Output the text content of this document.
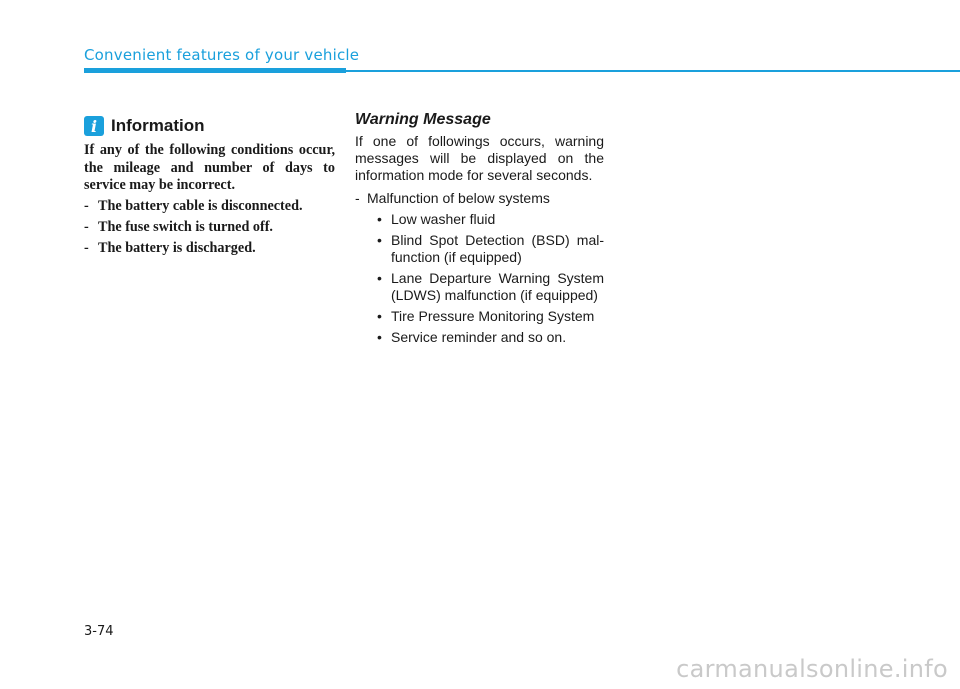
Convenient features of your vehicle
i Information
If any of the following conditions occur, the mileage and number of days to service may be incorrect.
- The battery cable is disconnected.
- The fuse switch is turned off.
- The battery is discharged.
Warning Message
If one of followings occurs, warning
messages will be displayed on the
information mode for several seconds.
- Malfunction of below systems
• Low washer fluid
• Blind Spot Detection (BSD) mal-
function (if equipped)
• Lane Departure Warning System
(LDWS) malfunction (if equipped)
• Tire Pressure Monitoring System
• Service reminder and so on.
3-74
carmanualsonline.info
